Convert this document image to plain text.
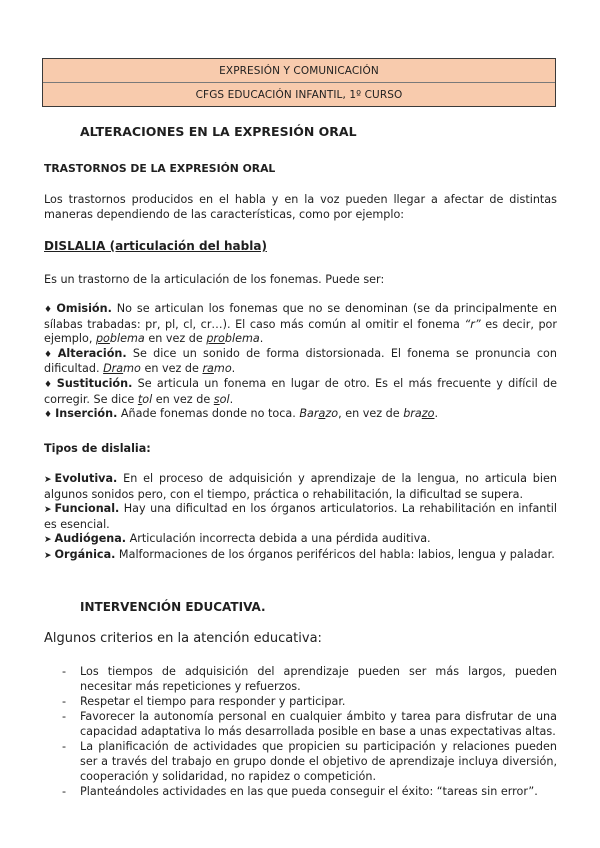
EXPRESIÓN Y COMUNICACIÓN
CFGS EDUCACIÓN INFANTIL, 1º CURSO
ALTERACIONES EN LA EXPRESIÓN ORAL
TRASTORNOS DE LA EXPRESIÓN ORAL
Los trastornos producidos en el habla y en la voz pueden llegar a afectar de distintas maneras dependiendo de las características, como por ejemplo:
DISLALIA (articulación del habla)
Es un trastorno de la articulación de los fonemas. Puede ser:
♦ Omisión. No se articulan los fonemas que no se denominan (se da principalmente en sílabas trabadas: pr, pl, cl, cr…). El caso más común al omitir el fonema “r” es decir, por ejemplo, poblema en vez de problema.
♦ Alteración. Se dice un sonido de forma distorsionada. El fonema se pronuncia con dificultad. Dramo en vez de ramo.
♦ Sustitución. Se articula un fonema en lugar de otro. Es el más frecuente y difícil de corregir. Se dice tol en vez de sol.
♦ Inserción. Añade fonemas donde no toca. Barazo, en vez de brazo.
Tipos de dislalia:
➤ Evolutiva. En el proceso de adquisición y aprendizaje de la lengua, no articula bien algunos sonidos pero, con el tiempo, práctica o rehabilitación, la dificultad se supera.
➤ Funcional. Hay una dificultad en los órganos articulatorios. La rehabilitación en infantil es esencial.
➤ Audiógena. Articulación incorrecta debida a una pérdida auditiva.
➤ Orgánica. Malformaciones de los órganos periféricos del habla: labios, lengua y paladar.
INTERVENCIÓN EDUCATIVA.
Algunos criterios en la atención educativa:
- Los tiempos de adquisición del aprendizaje pueden ser más largos, pueden necesitar más repeticiones y refuerzos.
- Respetar el tiempo para responder y participar.
- Favorecer la autonomía personal en cualquier ámbito y tarea para disfrutar de una capacidad adaptativa lo más desarrollada posible en base a unas expectativas altas.
- La planificación de actividades que propicien su participación y relaciones pueden ser a través del trabajo en grupo donde el objetivo de aprendizaje incluya diversión, cooperación y solidaridad, no rapidez o competición.
- Planteándoles actividades en las que pueda conseguir el éxito: “tareas sin error”.
